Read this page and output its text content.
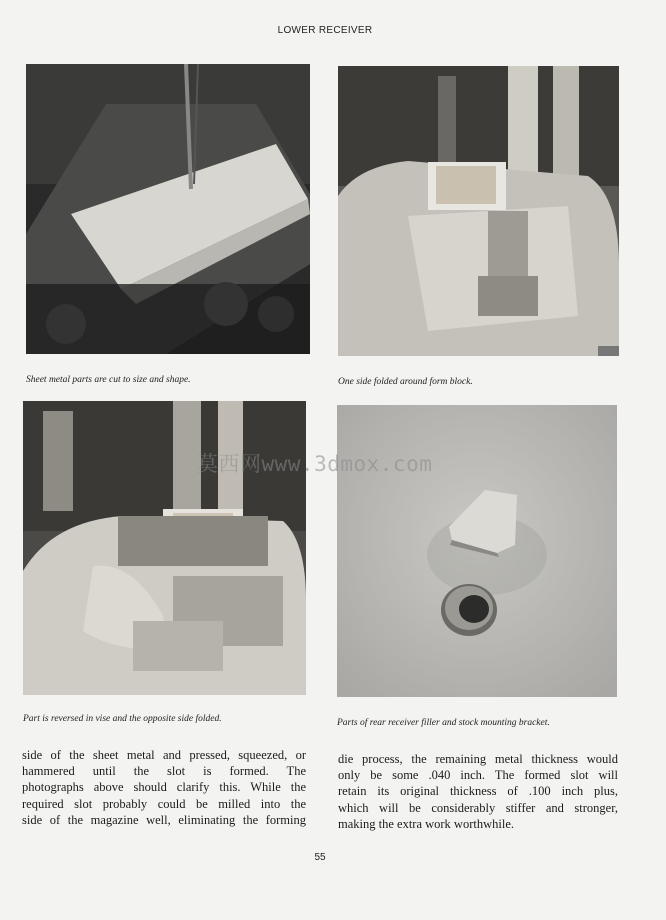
LOWER RECEIVER
Sheet metal parts are cut to size and shape.	One side folded around form block.
Part is reversed in vise and the opposite side folded.	Parts of rear receiver filler and stock mounting bracket.
莫西网www.3dmox.com
side of the sheet metal and pressed, squeezed, or
hammered until the slot is formed. The
photographs above should clarify this. While the
required slot probably could be milled into the
side of the magazine well, eliminating the forming
die process, the remaining metal thickness would
only be some .040 inch. The formed slot will
retain its original thickness of .100 inch plus,
which will be considerably stiffer and stronger,
making the extra work worthwhile.
55
